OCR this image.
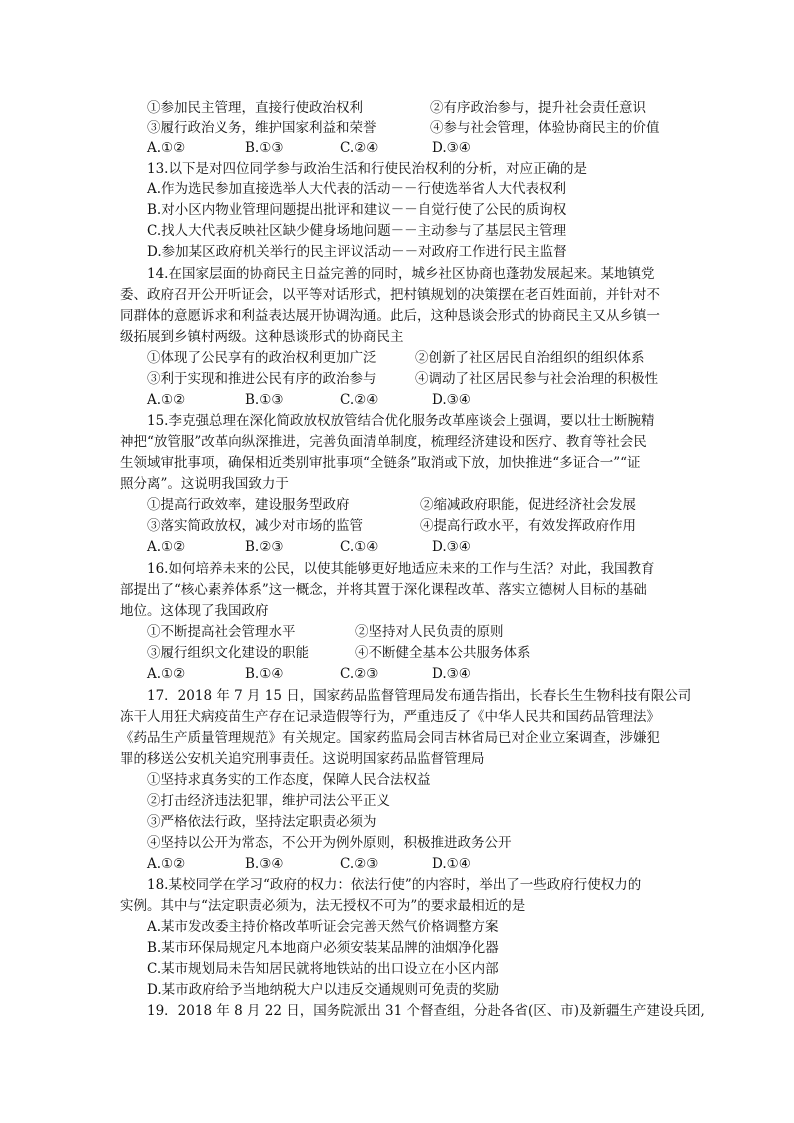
①参加民主管理，直接行使政治权利	②有序政治参与，提升社会责任意识
③履行政治义务，维护国家利益和荣誉	④参与社会管理，体验协商民主的价值
A.①②	B.①③	C.②④	D.③④
13.以下是对四位同学参与政治生活和行使民治权利的分析，对应正确的是
A.作为选民参加直接选举人大代表的活动－－行使选举省人大代表权利
B.对小区内物业管理问题提出批评和建议－－自觉行使了公民的质询权
C.找人大代表反映社区缺少健身场地问题－－主动参与了基层民主管理
D.参加某区政府机关举行的民主评议活动－－对政府工作进行民主监督
14.在国家层面的协商民主日益完善的同时，城乡社区协商也蓬勃发展起来。某地镇党
委、政府召开公开听证会，以平等对话形式，把村镇规划的决策摆在老百姓面前，并针对不
同群体的意愿诉求和利益表达展开协调沟通。此后，这种恳谈会形式的协商民主又从乡镇一
级拓展到乡镇村两级。这种恳谈形式的协商民主
①体现了公民享有的政治权利更加广泛	②创新了社区居民自治组织的组织体系
③利于实现和推进公民有序的政治参与	④调动了社区居民参与社会治理的积极性
A.①②	B.①③	C.②④	D.③④
15.李克强总理在深化简政放权放管结合优化服务改革座谈会上强调，要以壮士断腕精
神把“放管服”改革向纵深推进，完善负面清单制度，梳理经济建设和医疗、教育等社会民
生领域审批事项，确保相近类别审批事项“全链条”取消或下放，加快推进“多证合一”“证
照分离”。这说明我国致力于
①提高行政效率，建设服务型政府	②缩减政府职能，促进经济社会发展
③落实简政放权，减少对市场的监管	④提高行政水平，有效发挥政府作用
A.①②	B.②③	C.①④	D.③④
16.如何培养未来的公民，以使其能够更好地适应未来的工作与生活？对此，我国教育
部提出了“核心素养体系”这一概念，并将其置于深化课程改革、落实立德树人目标的基础
地位。这体现了我国政府
①不断提高社会管理水平	②坚持对人民负责的原则
③履行组织文化建设的职能	④不断健全基本公共服务体系
A.①②	B.①④	C.②③	D.③④
17．2018 年 7 月 15 日，国家药品监督管理局发布通告指出，长春长生生物科技有限公司
冻干人用狂犬病疫苗生产存在记录造假等行为，严重违反了《中华人民共和国药品管理法》
《药品生产质量管理规范》有关规定。国家药监局会同吉林省局已对企业立案调查，涉嫌犯
罪的移送公安机关追究刑事责任。这说明国家药品监督管理局
①坚持求真务实的工作态度，保障人民合法权益
②打击经济违法犯罪，维护司法公平正义
③严格依法行政，坚持法定职责必须为
④坚持以公开为常态，不公开为例外原则，积极推进政务公开
A.①②	B.③④	C.②③	D.①④
18.某校同学在学习“政府的权力：依法行使”的内容时，举出了一些政府行使权力的
实例。其中与“法定职责必须为，法无授权不可为”的要求最相近的是
A.某市发改委主持价格改革听证会完善天然气价格调整方案
B.某市环保局规定凡本地商户必须安装某品牌的油烟净化器
C.某市规划局未告知居民就将地铁站的出口设立在小区内部
D.某市政府给予当地纳税大户以违反交通规则可免责的奖励
19．2018 年 8 月 22 日，国务院派出 31 个督查组，分赴各省(区、市)及新疆生产建设兵团,
